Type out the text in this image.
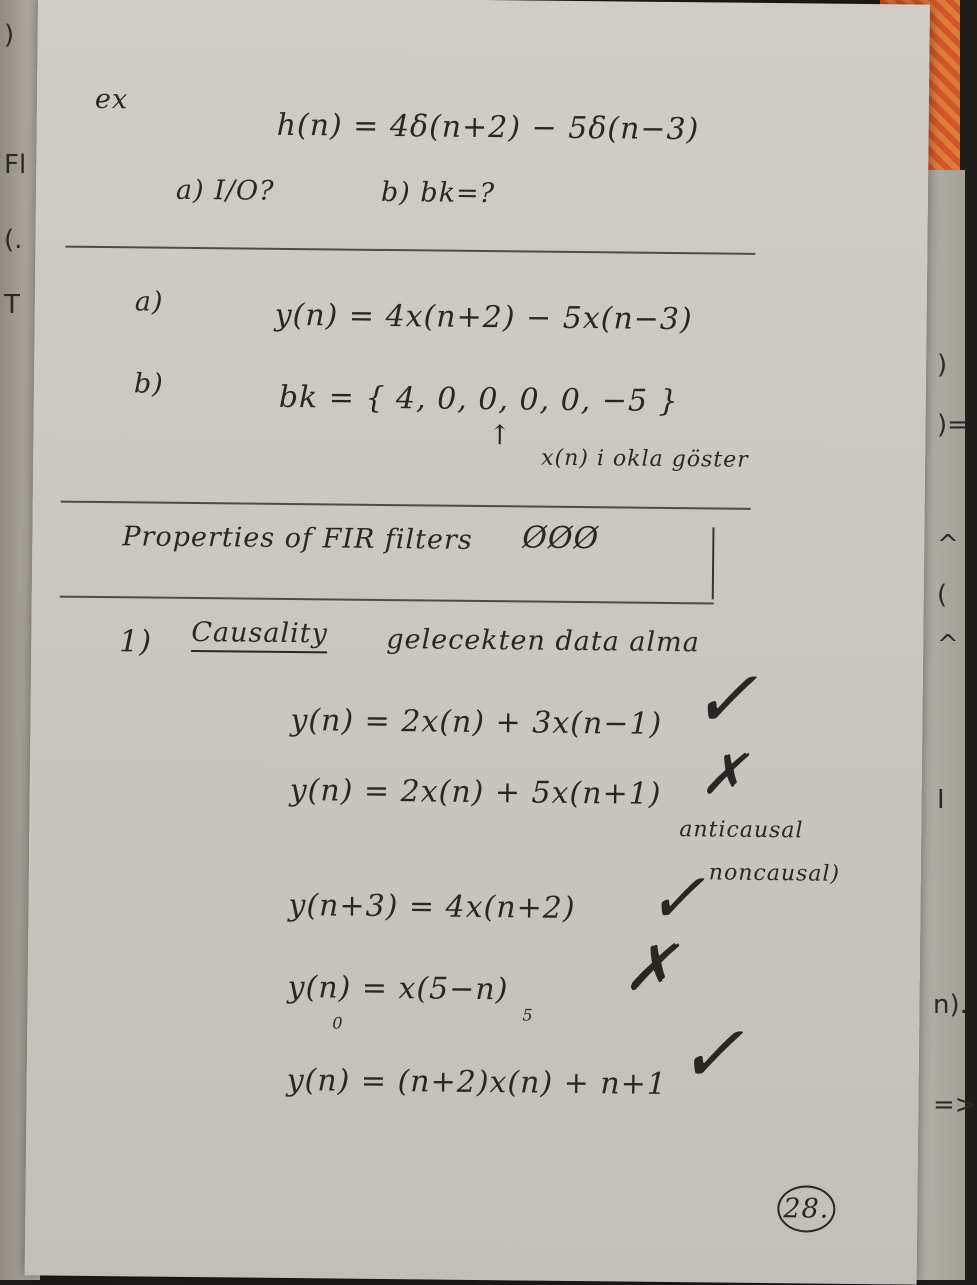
)
Fl
(.
T
)
)=
^
(
^
I
n).
=>
ex
h(n) = 4δ(n+2) − 5δ(n−3)
a) I/O?	b) bk=?
a)	y(n) = 4x(n+2) − 5x(n−3)
b)	bk = { 4, 0, 0, 0, 0, −5 }
↑
x(n) i okla göster
Properties of FIR filters ØØØ
1) Causality gelecekten data alma
y(n) = 2x(n) + 3x(n−1) ✓
y(n) = 2x(n) + 5x(n+1) ✗
anticausal
noncausal)
y(n+3) = 4x(n+2) ✓
y(n) = x(5−n)
0	5
✗
y(n) = (n+2)x(n) + n+1 ✓
28.
